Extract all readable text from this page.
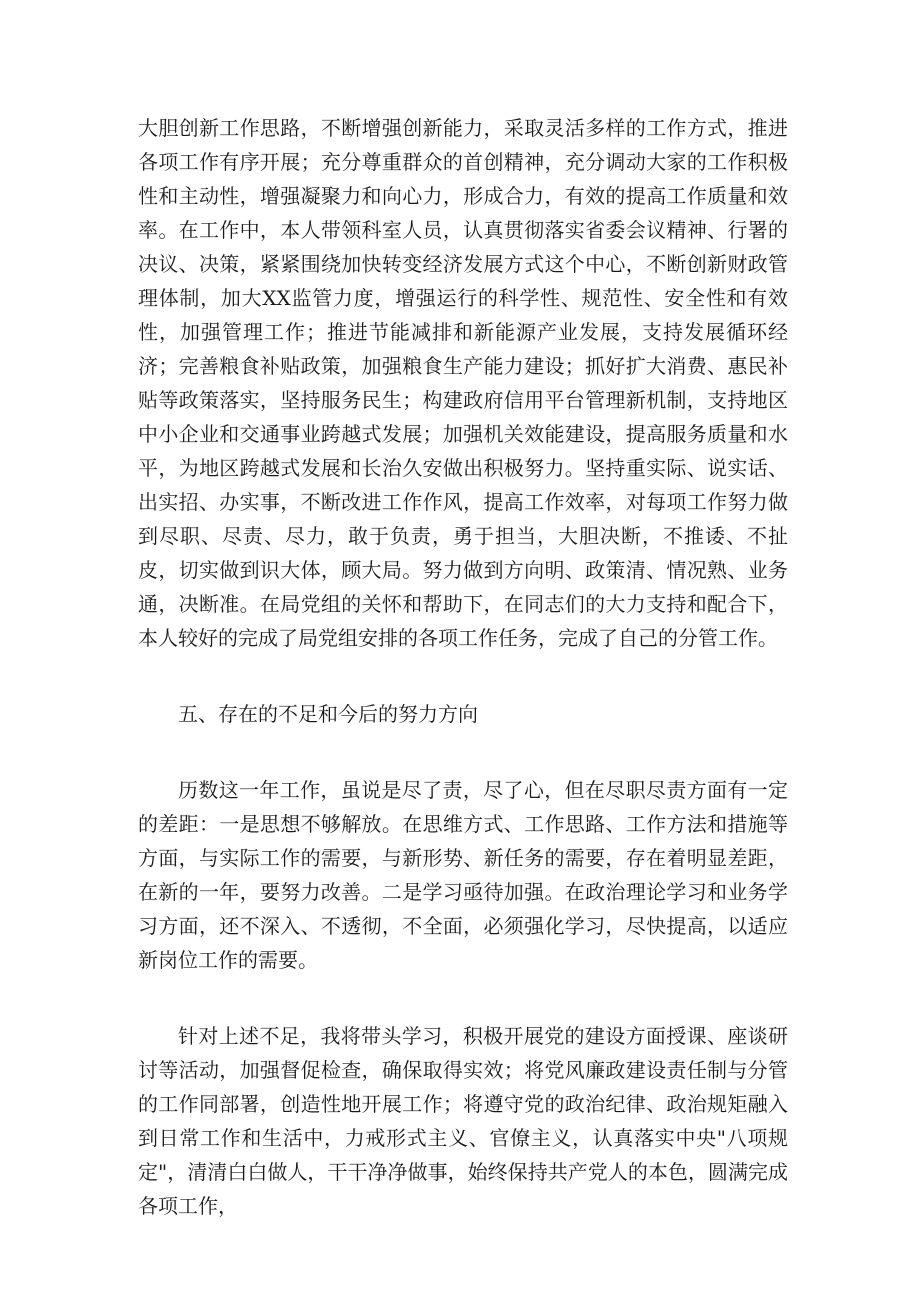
大胆创新工作思路，不断增强创新能力，采取灵活多样的工作方式，推进各项工作有序开展；充分尊重群众的首创精神，充分调动大家的工作积极性和主动性，增强凝聚力和向心力，形成合力，有效的提高工作质量和效率。在工作中，本人带领科室人员，认真贯彻落实省委会议精神、行署的决议、决策，紧紧围绕加快转变经济发展方式这个中心，不断创新财政管理体制，加大XX监管力度，增强运行的科学性、规范性、安全性和有效性，加强管理工作；推进节能减排和新能源产业发展，支持发展循环经济；完善粮食补贴政策，加强粮食生产能力建设；抓好扩大消费、惠民补贴等政策落实，坚持服务民生；构建政府信用平台管理新机制，支持地区中小企业和交通事业跨越式发展；加强机关效能建设，提高服务质量和水平，为地区跨越式发展和长治久安做出积极努力。坚持重实际、说实话、出实招、办实事，不断改进工作作风，提高工作效率，对每项工作努力做到尽职、尽责、尽力，敢于负责，勇于担当，大胆决断，不推诿、不扯皮，切实做到识大体，顾大局。努力做到方向明、政策清、情况熟、业务通，决断准。在局党组的关怀和帮助下，在同志们的大力支持和配合下，本人较好的完成了局党组安排的各项工作任务，完成了自己的分管工作。

五、存在的不足和今后的努力方向

历数这一年工作，虽说是尽了责，尽了心，但在尽职尽责方面有一定的差距：一是思想不够解放。在思维方式、工作思路、工作方法和措施等方面，与实际工作的需要，与新形势、新任务的需要，存在着明显差距，在新的一年，要努力改善。二是学习亟待加强。在政治理论学习和业务学习方面，还不深入、不透彻，不全面，必须强化学习，尽快提高，以适应新岗位工作的需要。

针对上述不足，我将带头学习，积极开展党的建设方面授课、座谈研讨等活动，加强督促检查，确保取得实效；将党风廉政建设责任制与分管的工作同部署，创造性地开展工作；将遵守党的政治纪律、政治规矩融入到日常工作和生活中，力戒形式主义、官僚主义，认真落实中央"八项规定"，清清白白做人，干干净净做事，始终保持共产党人的本色，圆满完成各项工作，
